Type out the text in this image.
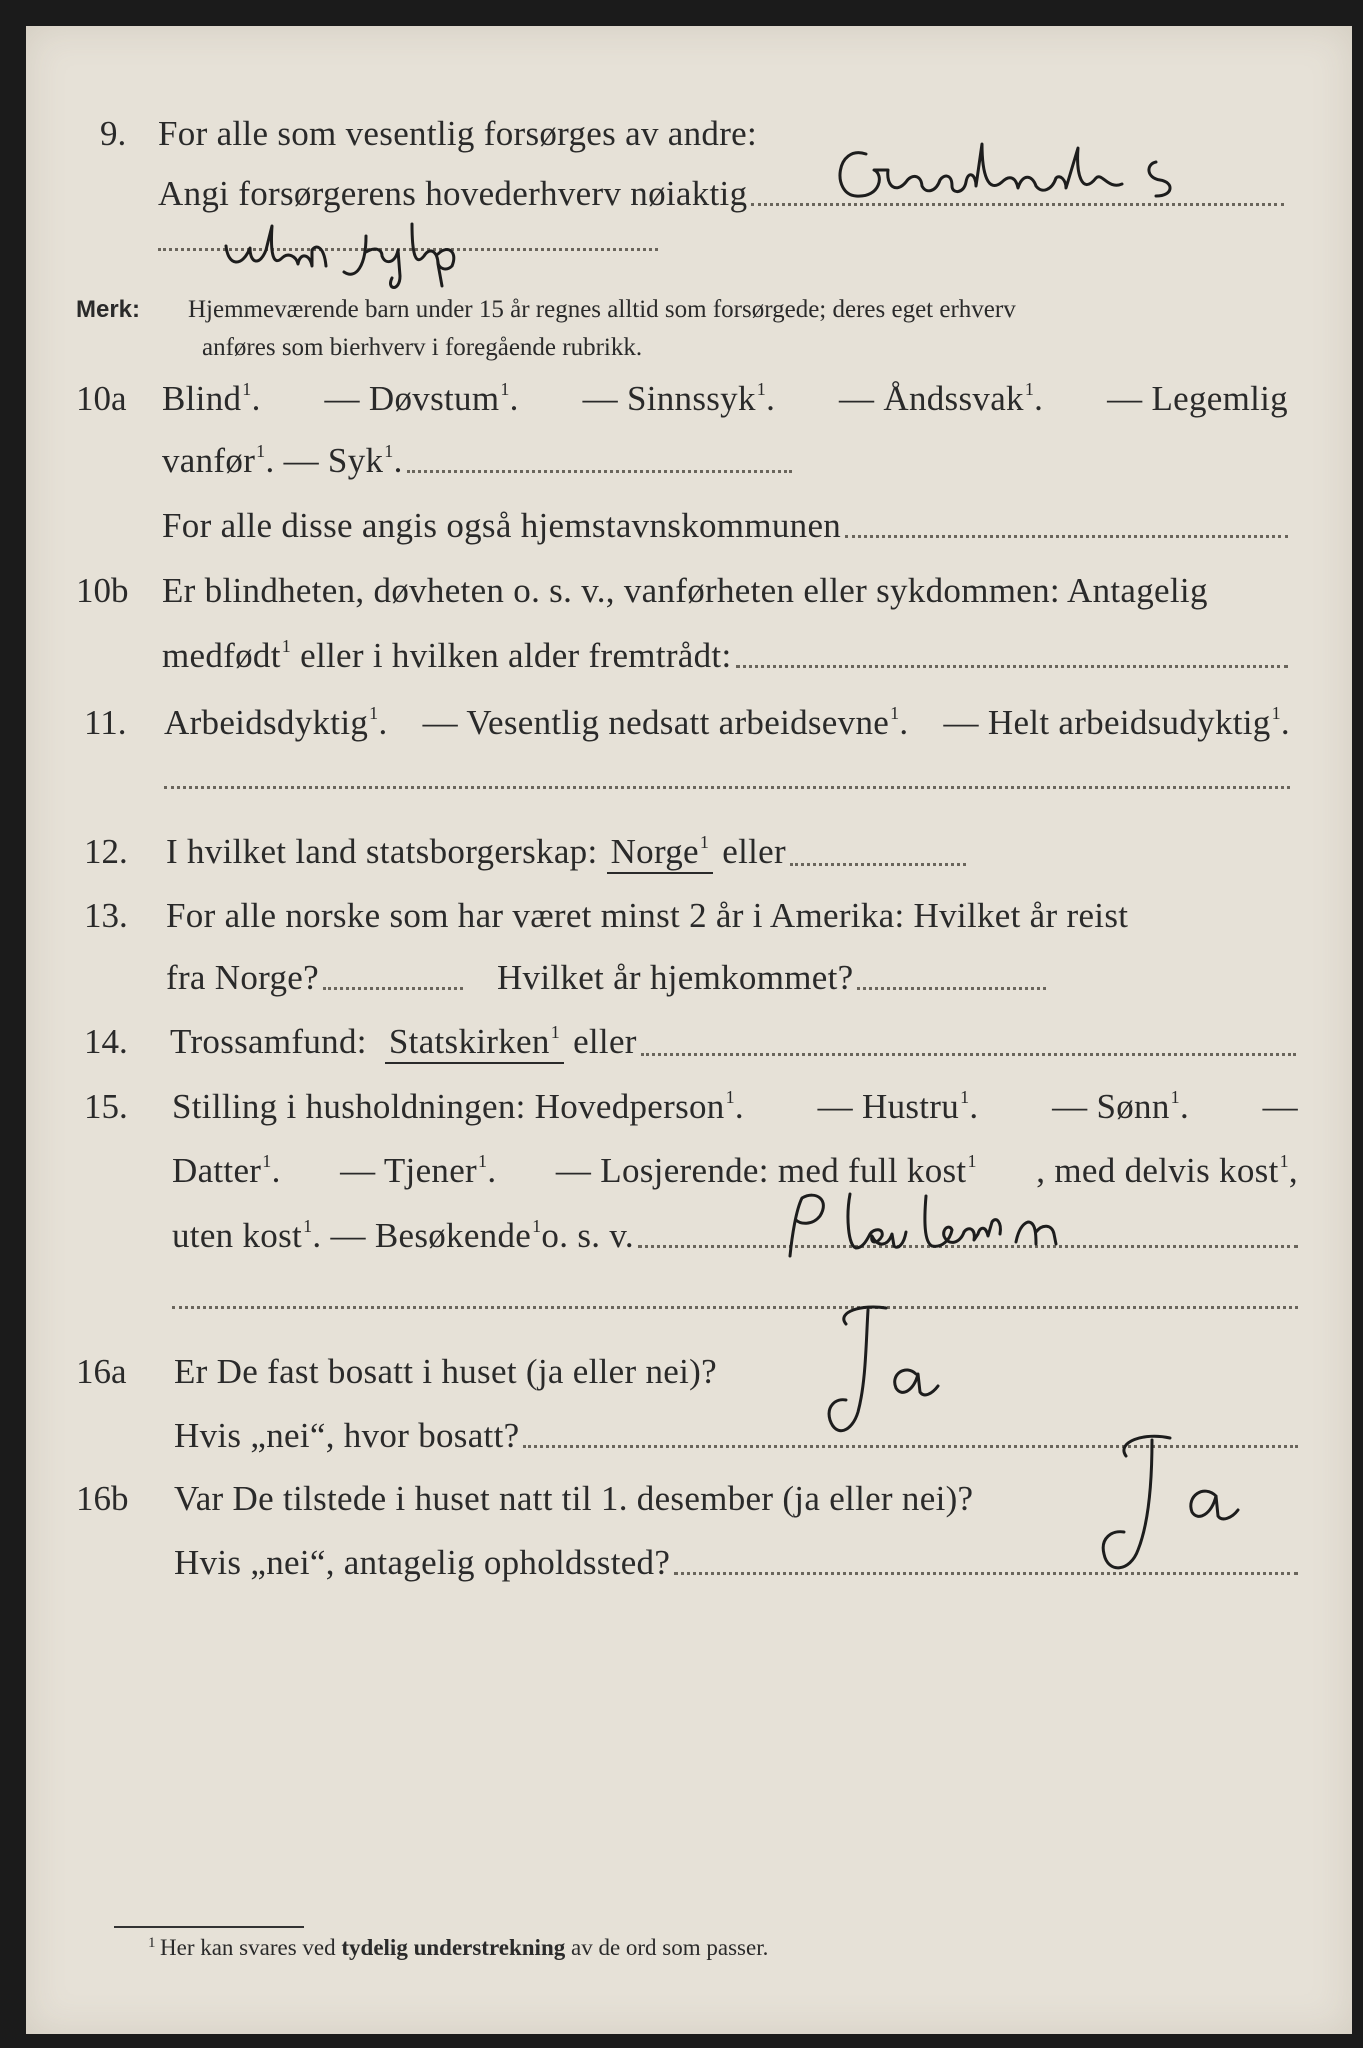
9. For alle som vesentlig forsørges av andre:
Angi forsørgerens hovederhverv nøiaktig
Merk: Hjemmeværende barn under 15 år regnes alltid som forsørgede; deres eget erhverv
anføres som bierhverv i foregående rubrikk.
10a Blind$^1$. — Døvstum$^1$. — Sinnssyk$^1$. — Åndssvak$^1$. — Legemlig
vanfør$^1$. — Syk$^1$.
For alle disse angis også hjemstavnskommunen
10b Er blindheten, døvheten o. s. v., vanførheten eller sykdommen: Antagelig
medfødt$^1$ eller i hvilken alder fremtrådt:
11. Arbeidsdyktig$^1$. — Vesentlig nedsatt arbeidsevne$^1$. — Helt arbeidsudyktig$^1$.
12. I hvilket land statsborgerskap:
Norge$^1$
eller
13. For alle norske som har været minst 2 år i Amerika: Hvilket år reist
fra Norge?	Hvilket år hjemkommet?
14. Trossamfund:
Statskirken$^1$
eller
15. Stilling i husholdningen: Hovedperson$^1$. — Hustru$^1$. — Sønn$^1$. —
Datter$^1$. — Tjener$^1$. — Losjerende: med full kost$^1$ , med delvis kost$^1$,
uten kost$^1$. — Besøkende$^1$ o. s. v.
16a Er De fast bosatt i huset (ja eller nei)?
Hvis „nei“, hvor bosatt?
16b Var De tilstede i huset natt til 1. desember (ja eller nei)?
Hvis „nei“, antagelig opholdssted?
1 Her kan svares ved tydelig understrekning av de ord som passer.
